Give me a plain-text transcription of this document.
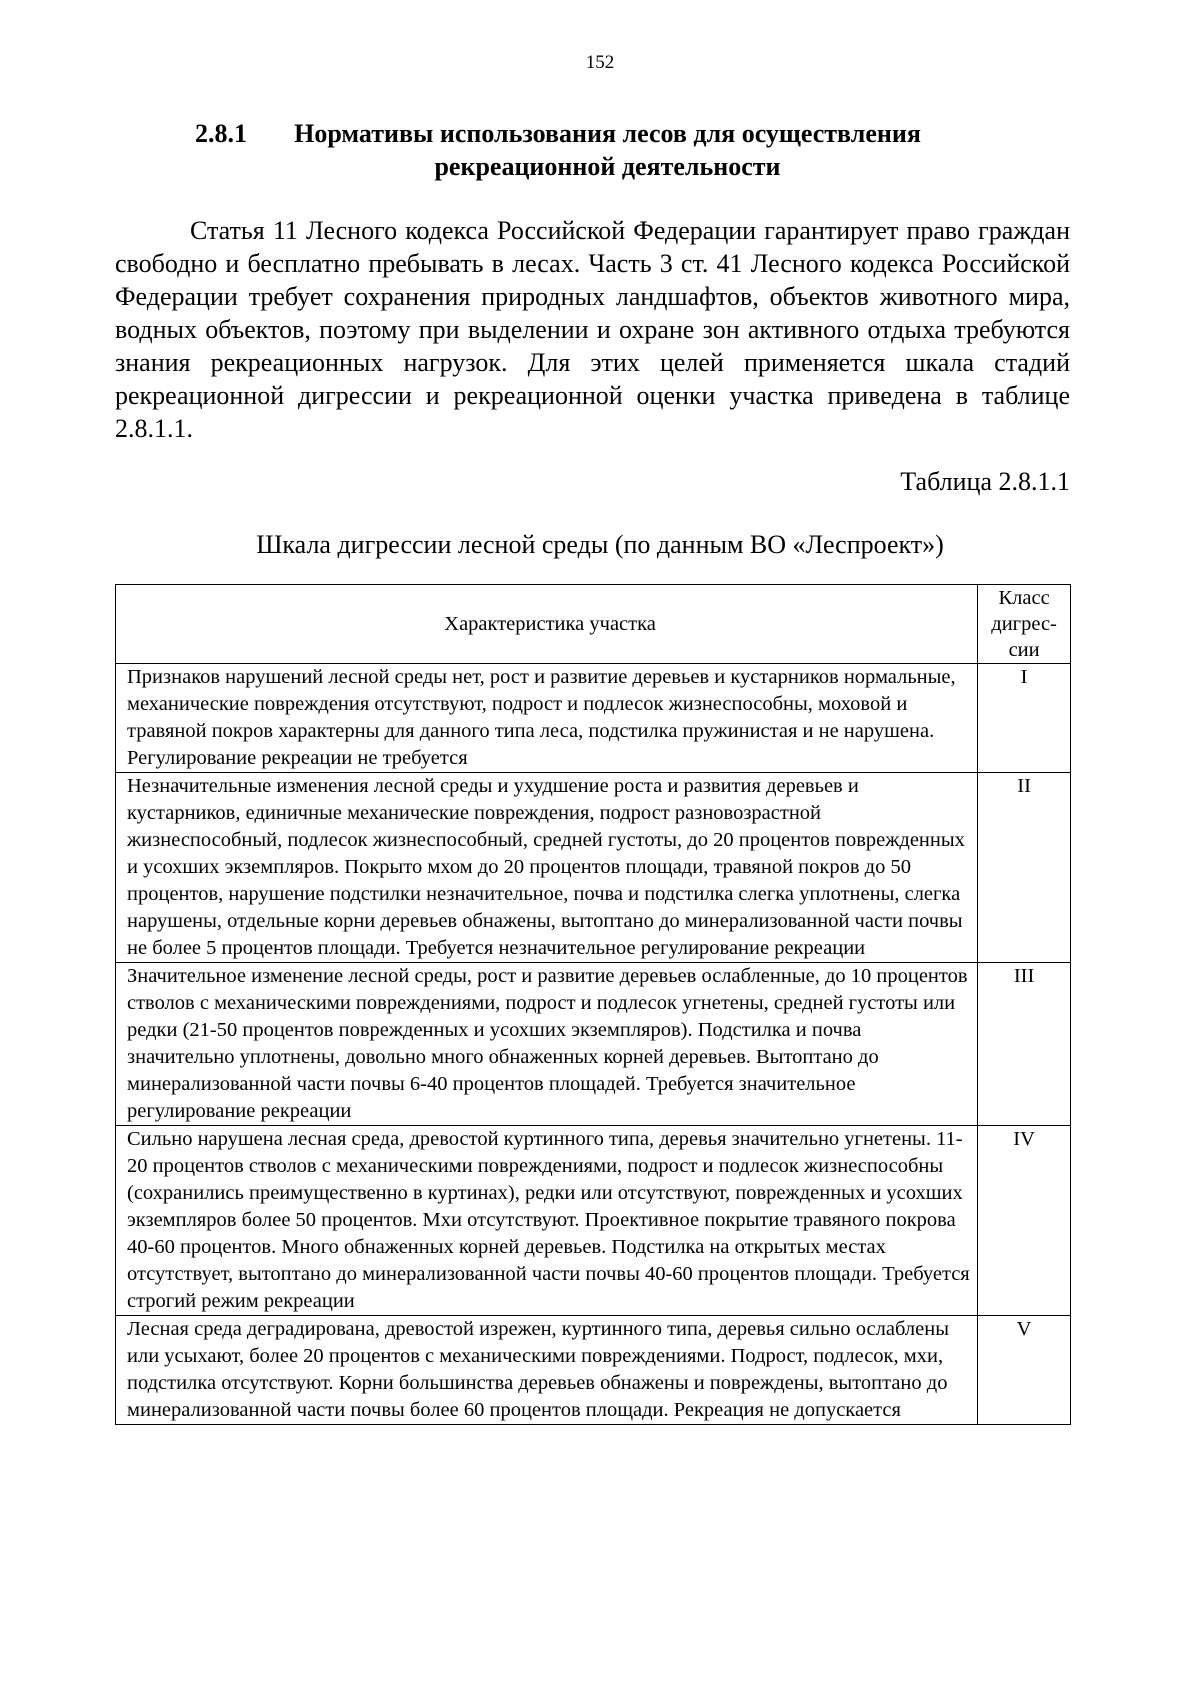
152
2.8.1 Нормативы использования лесов для осуществления рекреационной деятельности

Статья 11 Лесного кодекса Российской Федерации гарантирует право граждан свободно и бесплатно пребывать в лесах. Часть 3 ст. 41 Лесного кодекса Российской Федерации требует сохранения природных ландшафтов, объектов животного мира, водных объектов, поэтому при выделении и охране зон активного отдыха требуются знания рекреационных нагрузок. Для этих целей применяется шкала стадий рекреационной дигрессии и рекреационной оценки участка приведена в таблице 2.8.1.1.

Таблица 2.8.1.1
Шкала дигрессии лесной среды (по данным ВО «Леспроект»)
Характеристика участка	Класс дигрес- сии
Признаков нарушений лесной среды нет, рост и развитие деревьев и кустарников нормальные, механические повреждения отсутствуют, подрост и подлесок жизнеспособны, моховой и травяной покров характерны для данного типа леса, подстилка пружинистая и не нарушена. Регулирование рекреации не требуется	I
Незначительные изменения лесной среды и ухудшение роста и развития деревьев и кустарников, единичные механические повреждения, подрост разновозрастной жизнеспособный, подлесок жизнеспособный, средней густоты, до 20 процентов поврежденных и усохших экземпляров. Покрыто мхом до 20 процентов площади, травяной покров до 50 процентов, нарушение подстилки незначительное, почва и подстилка слегка уплотнены, слегка нарушены, отдельные корни деревьев обнажены, вытоптано до минерализованной части почвы не более 5 процентов площади. Требуется незначительное регулирование рекреации	II
Значительное изменение лесной среды, рост и развитие деревьев ослабленные, до 10 процентов стволов с механическими повреждениями, подрост и подлесок угнетены, средней густоты или редки (21-50 процентов поврежденных и усохших экземпляров). Подстилка и почва значительно уплотнены, довольно много обнаженных корней деревьев. Вытоптано до минерализованной части почвы 6-40 процентов площадей. Требуется значительное регулирование рекреации	III
Сильно нарушена лесная среда, древостой куртинного типа, деревья значительно угнетены. 11-20 процентов стволов с механическими повреждениями, подрост и подлесок жизнеспособны (сохранились преимущественно в куртинах), редки или отсутствуют, поврежденных и усохших экземпляров более 50 процентов. Мхи отсутствуют. Проективное покрытие травяного покрова 40-60 процентов. Много обнаженных корней деревьев. Подстилка на открытых местах отсутствует, вытоптано до минерализованной части почвы 40-60 процентов площади. Требуется строгий режим рекреации	IV
Лесная среда деградирована, древостой изрежен, куртинного типа, деревья сильно ослаблены или усыхают, более 20 процентов с механическими повреждениями. Подрост, подлесок, мхи, подстилка отсутствуют. Корни большинства деревьев обнажены и повреждены, вытоптано до минерализованной части почвы более 60 процентов площади. Рекреация не допускается	V
